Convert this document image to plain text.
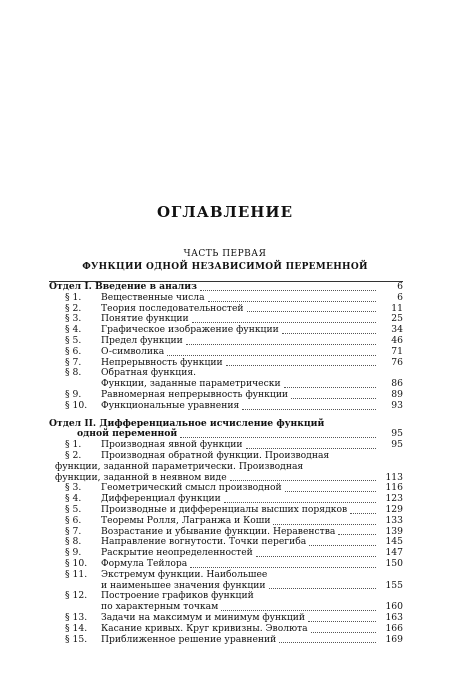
ОГЛАВЛЕНИЕ
ЧАСТЬ ПЕРВАЯ
ФУНКЦИИ ОДНОЙ НЕЗАВИСИМОЙ ПЕРЕМЕННОЙ
Отдел I. Введение в анализ	6
§ 1. Вещественные числа	6
§ 2. Теория последовательностей	11
§ 3. Понятие функции	25
§ 4. Графическое изображение функции	34
§ 5. Предел функции	46
§ 6. O-символика	71
§ 7. Непрерывность функции	76
§ 8. Обратная функция.
Функции, заданные параметрически	86
§ 9. Равномерная непрерывность функции	89
§ 10. Функциональные уравнения	93
Отдел II. Дифференциальное исчисление функций
одной переменной	95
§ 1. Производная явной функции	95
§ 2. Производная обратной функции. Производная
функции, заданной параметрически. Производная
функции, заданной в неявном виде	113
§ 3. Геометрический смысл производной	116
§ 4. Дифференциал функции	123
§ 5. Производные и дифференциалы высших порядков	129
§ 6. Теоремы Ролля, Лагранжа и Коши	133
§ 7. Возрастание и убывание функции. Неравенства	139
§ 8. Направление вогнутости. Точки перегиба	145
§ 9. Раскрытие неопределенностей	147
§ 10. Формула Тейлора	150
§ 11. Экстремум функции. Наибольшее
и наименьшее значения функции	155
§ 12. Построение графиков функций
по характерным точкам	160
§ 13. Задачи на максимум и минимум функций	163
§ 14. Касание кривых. Круг кривизны. Эволюта	166
§ 15. Приближенное решение уравнений	169
